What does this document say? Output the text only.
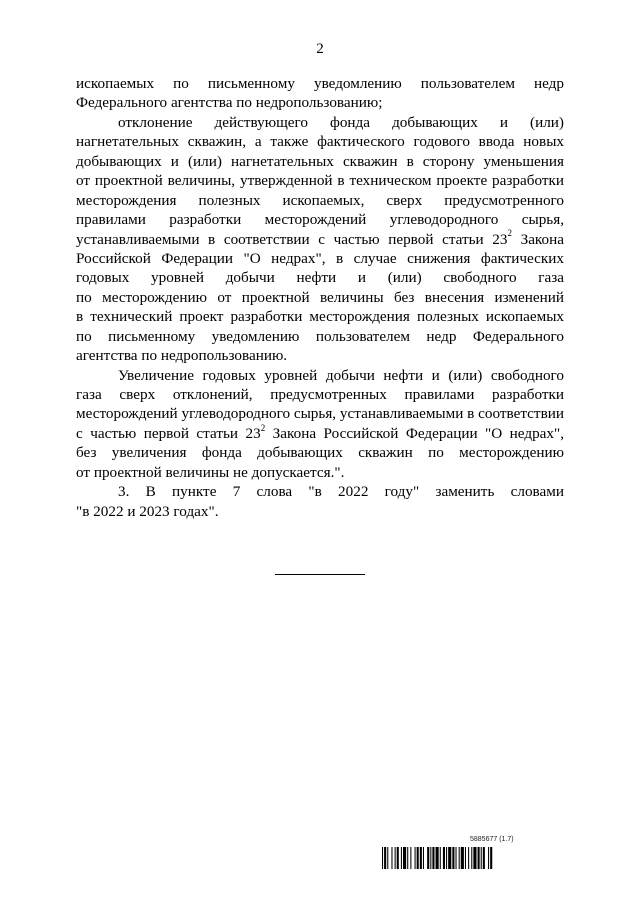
2
ископаемых по письменному уведомлению пользователем недр
Федерального агентства по недропользованию;
отклонение действующего фонда добывающих и (или)
нагнетательных скважин, а также фактического годового ввода новых
добывающих и (или) нагнетательных скважин в сторону уменьшения
от проектной величины, утвержденной в техническом проекте разработки
месторождения полезных ископаемых, сверх предусмотренного
правилами разработки месторождений углеводородного сырья,
устанавливаемыми в соответствии с частью первой статьи $23^2$ Закона
Российской Федерации "О недрах", в случае снижения фактических
годовых уровней добычи нефти и (или) свободного газа
по месторождению от проектной величины без внесения изменений
в технический проект разработки месторождения полезных ископаемых
по письменному уведомлению пользователем недр Федерального
агентства по недропользованию.
Увеличение годовых уровней добычи нефти и (или) свободного
газа сверх отклонений, предусмотренных правилами разработки
месторождений углеводородного сырья, устанавливаемыми в соответствии
с частью первой статьи $23^2$ Закона Российской Федерации "О недрах",
без увеличения фонда добывающих скважин по месторождению
от проектной величины не допускается.".
3. В пункте 7 слова "в 2022 году" заменить словами
"в 2022 и 2023 годах".
5885677 (1.7)
